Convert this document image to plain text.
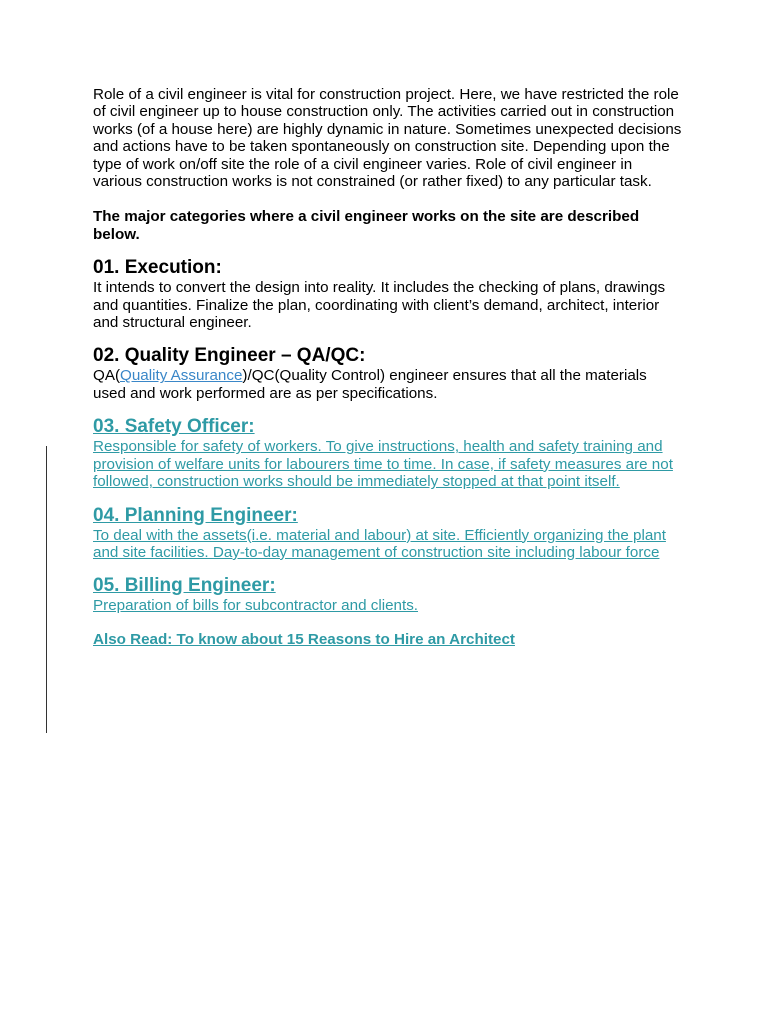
Role of a civil engineer is vital for construction project. Here, we have restricted the role of civil engineer up to house construction only. The activities carried out in construction works (of a house here) are highly dynamic in nature. Sometimes unexpected decisions and actions have to be taken spontaneously on construction site. Depending upon the type of work on/off site the role of a civil engineer varies. Role of civil engineer in various construction works is not constrained (or rather fixed) to any particular task.

The major categories where a civil engineer works on the site are described below.

01. Execution:

It intends to convert the design into reality. It includes the checking of plans, drawings and quantities. Finalize the plan, coordinating with client’s demand, architect, interior and structural engineer.

02. Quality Engineer – QA/QC:

QA(Quality Assurance)/QC(Quality Control) engineer ensures that all the materials used and work performed are as per specifications.

03. Safety Officer:

Responsible for safety of workers. To give instructions, health and safety training and provision of welfare units for labourers time to time. In case, if safety measures are not followed, construction works should be immediately stopped at that point itself.

04. Planning Engineer:

To deal with the assets(i.e. material and labour) at site. Efficiently organizing the plant and site facilities. Day-to-day management of construction site including labour force

05. Billing Engineer:

Preparation of bills for subcontractor and clients.

Also Read: To know about 15 Reasons to Hire an Architect
